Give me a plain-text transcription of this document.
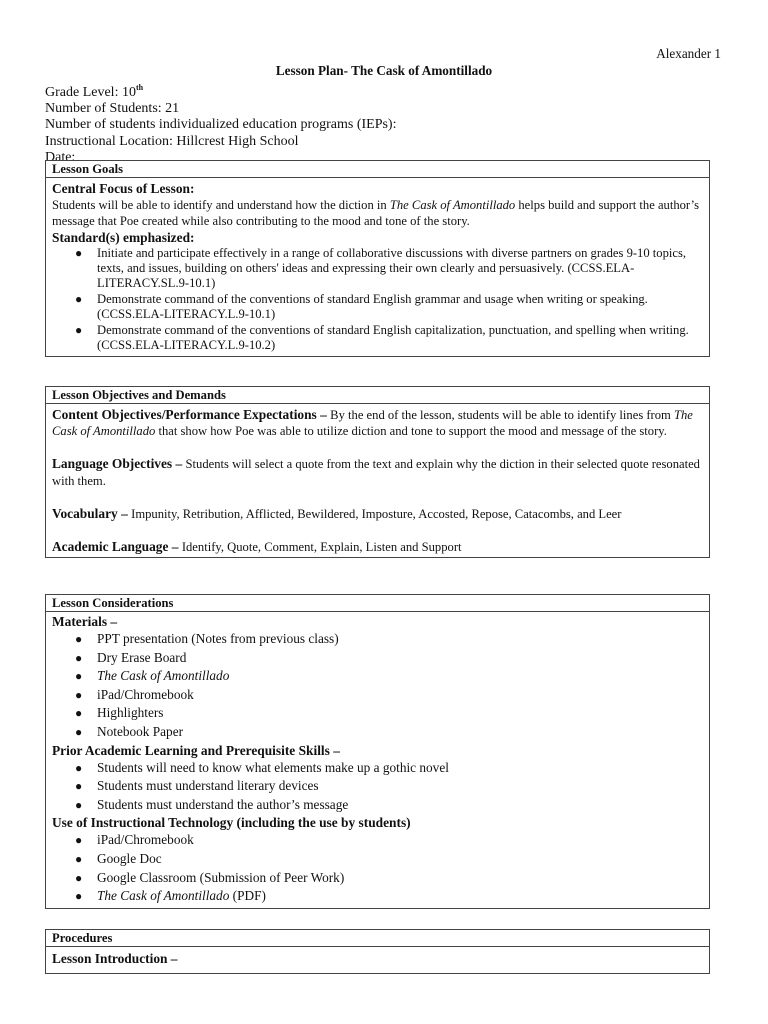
Alexander 1
Lesson Plan- The Cask of Amontillado
Grade Level: 10th
Number of Students: 21
Number of students individualized education programs (IEPs):
Instructional Location: Hillcrest High School
Date:
Lesson Goals
Central Focus of Lesson:
Students will be able to identify and understand how the diction in The Cask of Amontillado helps build and support the author’s message that Poe created while also contributing to the mood and tone of the story.
Standard(s) emphasized:
● Initiate and participate effectively in a range of collaborative discussions with diverse partners on grades 9-10 topics, texts, and issues, building on others' ideas and expressing their own clearly and persuasively. (CCSS.ELA-LITERACY.SL.9-10.1)
● Demonstrate command of the conventions of standard English grammar and usage when writing or speaking. (CCSS.ELA-LITERACY.L.9-10.1)
● Demonstrate command of the conventions of standard English capitalization, punctuation, and spelling when writing. (CCSS.ELA-LITERACY.L.9-10.2)
Lesson Objectives and Demands
Content Objectives/Performance Expectations – By the end of the lesson, students will be able to identify lines from The Cask of Amontillado that show how Poe was able to utilize diction and tone to support the mood and message of the story.
Language Objectives – Students will select a quote from the text and explain why the diction in their selected quote resonated with them.
Vocabulary – Impunity, Retribution, Afflicted, Bewildered, Imposture, Accosted, Repose, Catacombs, and Leer
Academic Language – Identify, Quote, Comment, Explain, Listen and Support
Lesson Considerations
Materials –
● PPT presentation (Notes from previous class)
● Dry Erase Board
● The Cask of Amontillado
● iPad/Chromebook
● Highlighters
● Notebook Paper
Prior Academic Learning and Prerequisite Skills –
● Students will need to know what elements make up a gothic novel
● Students must understand literary devices
● Students must understand the author’s message
Use of Instructional Technology (including the use by students)
● iPad/Chromebook
● Google Doc
● Google Classroom (Submission of Peer Work)
● The Cask of Amontillado (PDF)
Procedures
Lesson Introduction –
